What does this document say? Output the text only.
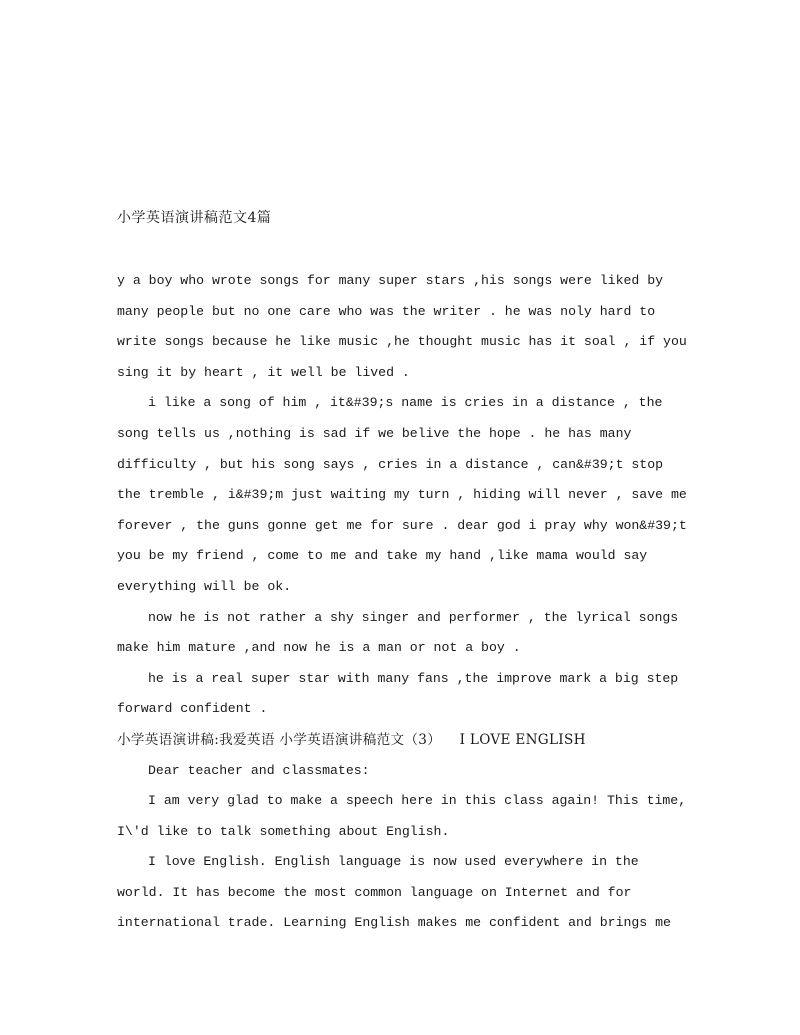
小学英语演讲稿范文4篇
y a boy who wrote songs for many super stars ,his songs were liked by
many people but no one care who was the writer . he was noly hard to
write songs because he like music ,he thought music has it soal , if you
sing it by heart , it well be lived .
i like a song of him , it&#39;s name is cries in a distance , the
song tells us ,nothing is sad if we belive the hope . he has many
difficulty , but his song says , cries in a distance , can&#39;t stop
the tremble , i&#39;m just waiting my turn , hiding will never , save me
forever , the guns gonne get me for sure . dear god i pray why won&#39;t
you be my friend , come to me and take my hand ,like mama would say
everything will be ok.
now he is not rather a shy singer and performer , the lyrical songs
make him mature ,and now he is a man or not a boy .
he is a real super star with many fans ,the improve mark a big step
forward confident .
小学英语演讲稿:我爱英语 小学英语演讲稿范文（3）    I LOVE ENGLISH
Dear teacher and classmates:
I am very glad to make a speech here in this class again! This time,
I\'d like to talk something about English.
I love English. English language is now used everywhere in the
world. It has become the most common language on Internet and for
international trade. Learning English makes me confident and brings me
